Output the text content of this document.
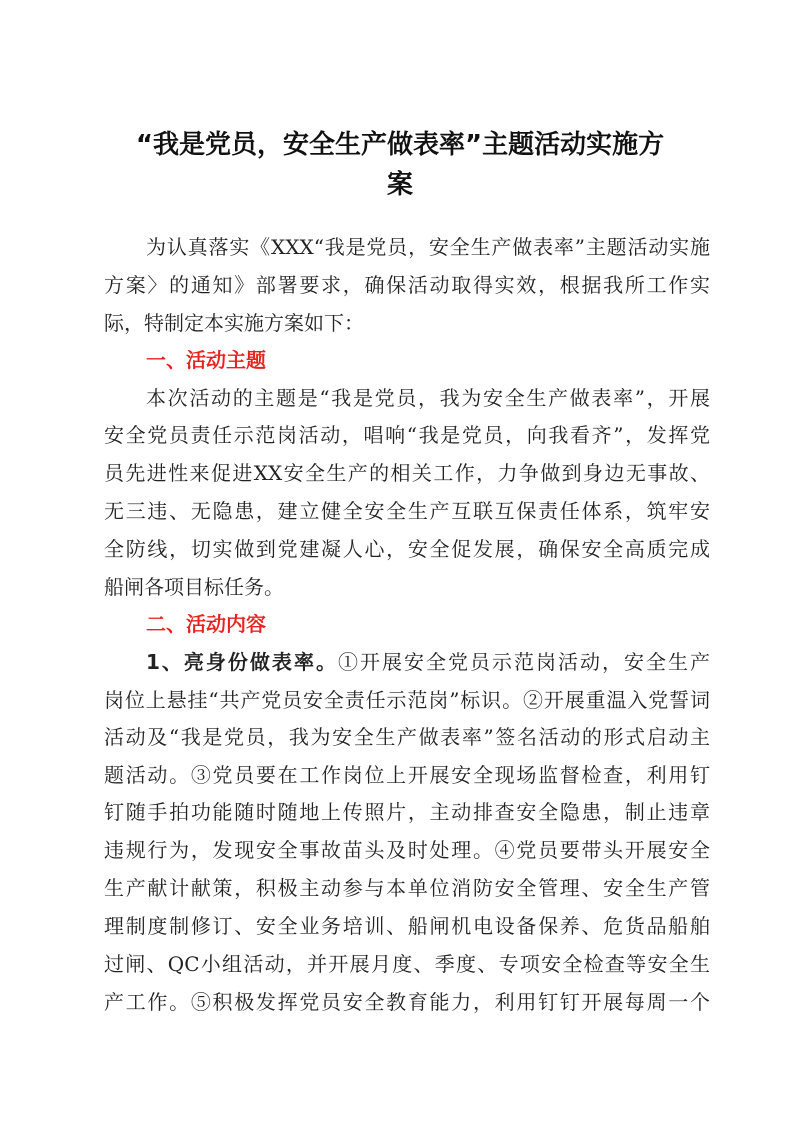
“我是党员，安全生产做表率”主题活动实施方
案
为认真落实《XXX“我是党员，安全生产做表率”主题活动实施
方案〉的通知》部署要求，确保活动取得实效，根据我所工作实
际，特制定本实施方案如下：
一、活动主题
本次活动的主题是“我是党员，我为安全生产做表率”，开展
安全党员责任示范岗活动，唱响“我是党员，向我看齐”，发挥党
员先进性来促进XX安全生产的相关工作，力争做到身边无事故、
无三违、无隐患，建立健全安全生产互联互保责任体系，筑牢安
全防线，切实做到党建凝人心，安全促发展，确保安全高质完成
船闸各项目标任务。
二、活动内容
1、亮身份做表率。①开展安全党员示范岗活动，安全生产
岗位上悬挂“共产党员安全责任示范岗”标识。②开展重温入党誓词
活动及“我是党员，我为安全生产做表率”签名活动的形式启动主
题活动。③党员要在工作岗位上开展安全现场监督检查，利用钉
钉随手拍功能随时随地上传照片，主动排查安全隐患，制止违章
违规行为，发现安全事故苗头及时处理。④党员要带头开展安全
生产献计献策，积极主动参与本单位消防安全管理、安全生产管
理制度制修订、安全业务培训、船闸机电设备保养、危货品船舶
过闸、QC小组活动，并开展月度、季度、专项安全检查等安全生
产工作。⑤积极发挥党员安全教育能力，利用钉钉开展每周一个
